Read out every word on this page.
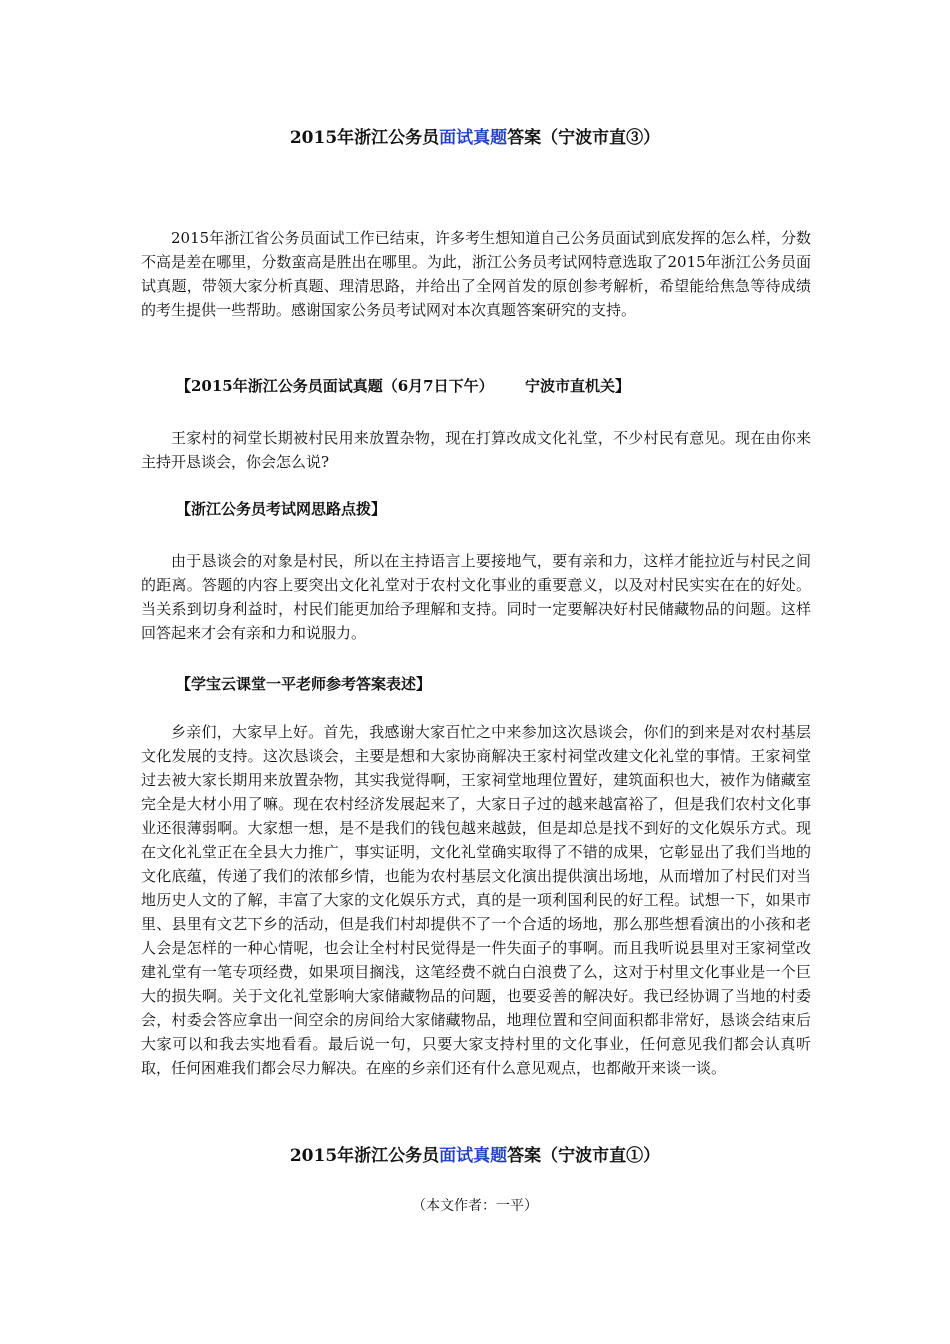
2015年浙江公务员面试真题答案（宁波市直③）

2015年浙江省公务员面试工作已结束，许多考生想知道自己公务员面试到底发挥的怎么样，分数不高是差在哪里，分数蛮高是胜出在哪里。为此，浙江公务员考试网特意选取了2015年浙江公务员面试真题，带领大家分析真题、理清思路，并给出了全网首发的原创参考解析，希望能给焦急等待成绩的考生提供一些帮助。感谢国家公务员考试网对本次真题答案研究的支持。

【2015年浙江公务员面试真题（6月7日下午）      宁波市直机关】

王家村的祠堂长期被村民用来放置杂物，现在打算改成文化礼堂，不少村民有意见。现在由你来主持开恳谈会，你会怎么说?

【浙江公务员考试网思路点拨】

由于恳谈会的对象是村民，所以在主持语言上要接地气，要有亲和力，这样才能拉近与村民之间的距离。答题的内容上要突出文化礼堂对于农村文化事业的重要意义，以及对村民实实在在的好处。当关系到切身利益时，村民们能更加给予理解和支持。同时一定要解决好村民储藏物品的问题。这样回答起来才会有亲和力和说服力。

【学宝云课堂一平老师参考答案表述】

乡亲们，大家早上好。首先，我感谢大家百忙之中来参加这次恳谈会，你们的到来是对农村基层文化发展的支持。这次恳谈会，主要是想和大家协商解决王家村祠堂改建文化礼堂的事情。王家祠堂过去被大家长期用来放置杂物，其实我觉得啊，王家祠堂地理位置好，建筑面积也大，被作为储藏室完全是大材小用了嘛。现在农村经济发展起来了，大家日子过的越来越富裕了，但是我们农村文化事业还很薄弱啊。大家想一想，是不是我们的钱包越来越鼓，但是却总是找不到好的文化娱乐方式。现在文化礼堂正在全县大力推广，事实证明，文化礼堂确实取得了不错的成果，它彰显出了我们当地的文化底蕴，传递了我们的浓郁乡情，也能为农村基层文化演出提供演出场地，从而增加了村民们对当地历史人文的了解，丰富了大家的文化娱乐方式，真的是一项利国利民的好工程。试想一下，如果市里、县里有文艺下乡的活动，但是我们村却提供不了一个合适的场地，那么那些想看演出的小孩和老人会是怎样的一种心情呢，也会让全村村民觉得是一件失面子的事啊。而且我听说县里对王家祠堂改建礼堂有一笔专项经费，如果项目搁浅，这笔经费不就白白浪费了么，这对于村里文化事业是一个巨大的损失啊。关于文化礼堂影响大家储藏物品的问题，也要妥善的解决好。我已经协调了当地的村委会，村委会答应拿出一间空余的房间给大家储藏物品，地理位置和空间面积都非常好，恳谈会结束后大家可以和我去实地看看。最后说一句，只要大家支持村里的文化事业，任何意见我们都会认真听取，任何困难我们都会尽力解决。在座的乡亲们还有什么意见观点，也都敞开来谈一谈。

2015年浙江公务员面试真题答案（宁波市直①）
（本文作者：一平）
